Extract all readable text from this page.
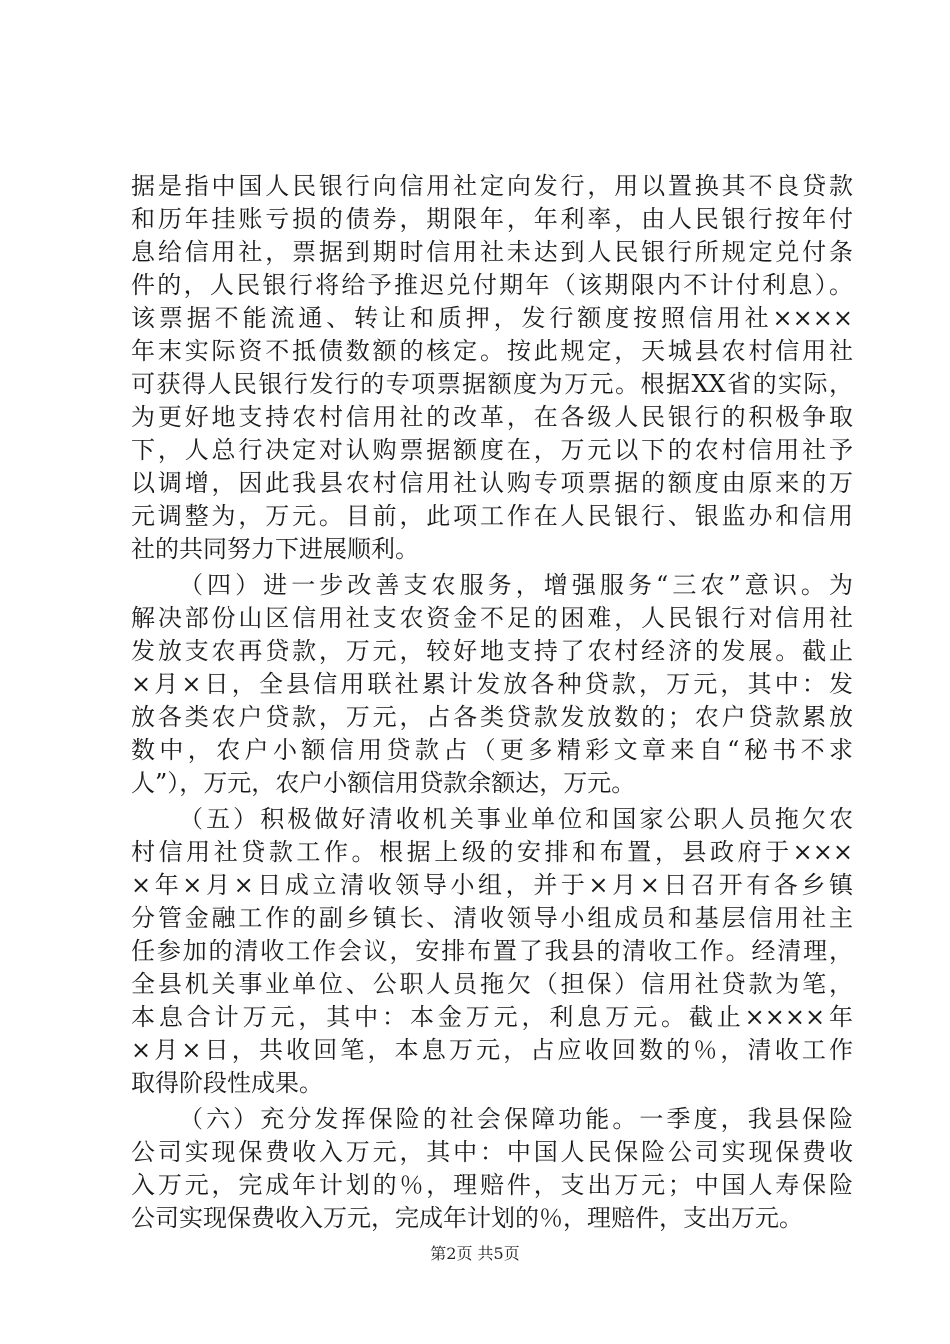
据是指中国人民银行向信用社定向发行，用以置换其不良贷款
和历年挂账亏损的债券，期限年，年利率，由人民银行按年付
息给信用社，票据到期时信用社未达到人民银行所规定兑付条
件的，人民银行将给予推迟兑付期年（该期限内不计付利息）。
该票据不能流通、转让和质押，发行额度按照信用社××××
年末实际资不抵债数额的核定。按此规定，天城县农村信用社
可获得人民银行发行的专项票据额度为万元。根据XX省的实际，
为更好地支持农村信用社的改革，在各级人民银行的积极争取
下，人总行决定对认购票据额度在，万元以下的农村信用社予
以调增，因此我县农村信用社认购专项票据的额度由原来的万
元调整为，万元。目前，此项工作在人民银行、银监办和信用
社的共同努力下进展顺利。
（四）进一步改善支农服务，增强服务“三农”意识。为
解决部份山区信用社支农资金不足的困难，人民银行对信用社
发放支农再贷款，万元，较好地支持了农村经济的发展。截止
×月×日，全县信用联社累计发放各种贷款，万元，其中：发
放各类农户贷款，万元，占各类贷款发放数的；农户贷款累放
数中，农户小额信用贷款占（更多精彩文章来自“秘书不求
人”），万元，农户小额信用贷款余额达，万元。
（五）积极做好清收机关事业单位和国家公职人员拖欠农
村信用社贷款工作。根据上级的安排和布置，县政府于×××
×年×月×日成立清收领导小组，并于×月×日召开有各乡镇
分管金融工作的副乡镇长、清收领导小组成员和基层信用社主
任参加的清收工作会议，安排布置了我县的清收工作。经清理，
全县机关事业单位、公职人员拖欠（担保）信用社贷款为笔，
本息合计万元，其中：本金万元，利息万元。截止××××年
×月×日，共收回笔，本息万元，占应收回数的％，清收工作
取得阶段性成果。
（六）充分发挥保险的社会保障功能。一季度，我县保险
公司实现保费收入万元，其中：中国人民保险公司实现保费收
入万元，完成年计划的％，理赔件，支出万元；中国人寿保险
公司实现保费收入万元，完成年计划的％，理赔件，支出万元。
第2页 共5页
